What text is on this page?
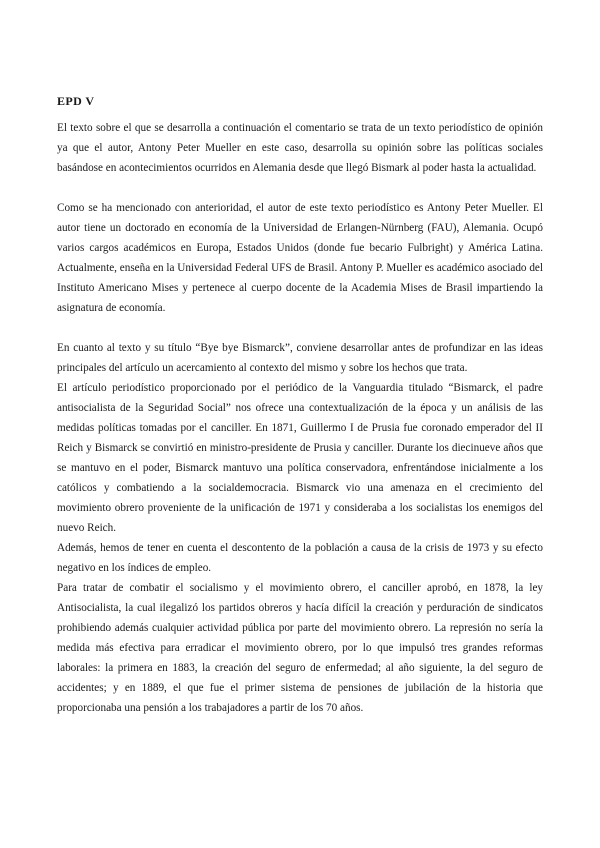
EPD V

El texto sobre el que se desarrolla a continuación el comentario se trata de un texto periodístico de opinión ya que el autor, Antony Peter Mueller en este caso, desarrolla su opinión sobre las políticas sociales basándose en acontecimientos ocurridos en Alemania desde que llegó Bismark al poder hasta la actualidad.

Como se ha mencionado con anterioridad, el autor de este texto periodístico es Antony Peter Mueller. El autor tiene un doctorado en economía de la Universidad de Erlangen-Nürnberg (FAU), Alemania. Ocupó varios cargos académicos en Europa, Estados Unidos (donde fue becario Fulbright) y América Latina. Actualmente, enseña en la Universidad Federal UFS de Brasil. Antony P. Mueller es académico asociado del Instituto Americano Mises y pertenece al cuerpo docente de la Academia Mises de Brasil impartiendo la asignatura de economía.

En cuanto al texto y su título “Bye bye Bismarck”, conviene desarrollar antes de profundizar en las ideas principales del artículo un acercamiento al contexto del mismo y sobre los hechos que trata.

El artículo periodístico proporcionado por el periódico de la Vanguardia titulado “Bismarck, el padre antisocialista de la Seguridad Social” nos ofrece una contextualización de la época y un análisis de las medidas políticas tomadas por el canciller. En 1871, Guillermo I de Prusia fue coronado emperador del II Reich y Bismarck se convirtió en ministro-presidente de Prusia y canciller. Durante los diecinueve años que se mantuvo en el poder, Bismarck mantuvo una política conservadora, enfrentándose inicialmente a los católicos y combatiendo a la socialdemocracia. Bismarck vio una amenaza en el crecimiento del movimiento obrero proveniente de la unificación de 1971 y consideraba a los socialistas los enemigos del nuevo Reich.

Además, hemos de tener en cuenta el descontento de la población a causa de la crisis de 1973 y su efecto negativo en los índices de empleo.

Para tratar de combatir el socialismo y el movimiento obrero, el canciller aprobó, en 1878, la ley Antisocialista, la cual ilegalizó los partidos obreros y hacía difícil la creación y perduración de sindicatos prohibiendo además cualquier actividad pública por parte del movimiento obrero. La represión no sería la medida más efectiva para erradicar el movimiento obrero, por lo que impulsó tres grandes reformas laborales: la primera en 1883, la creación del seguro de enfermedad; al año siguiente, la del seguro de accidentes; y en 1889, el que fue el primer sistema de pensiones de jubilación de la historia que proporcionaba una pensión a los trabajadores a partir de los 70 años.
